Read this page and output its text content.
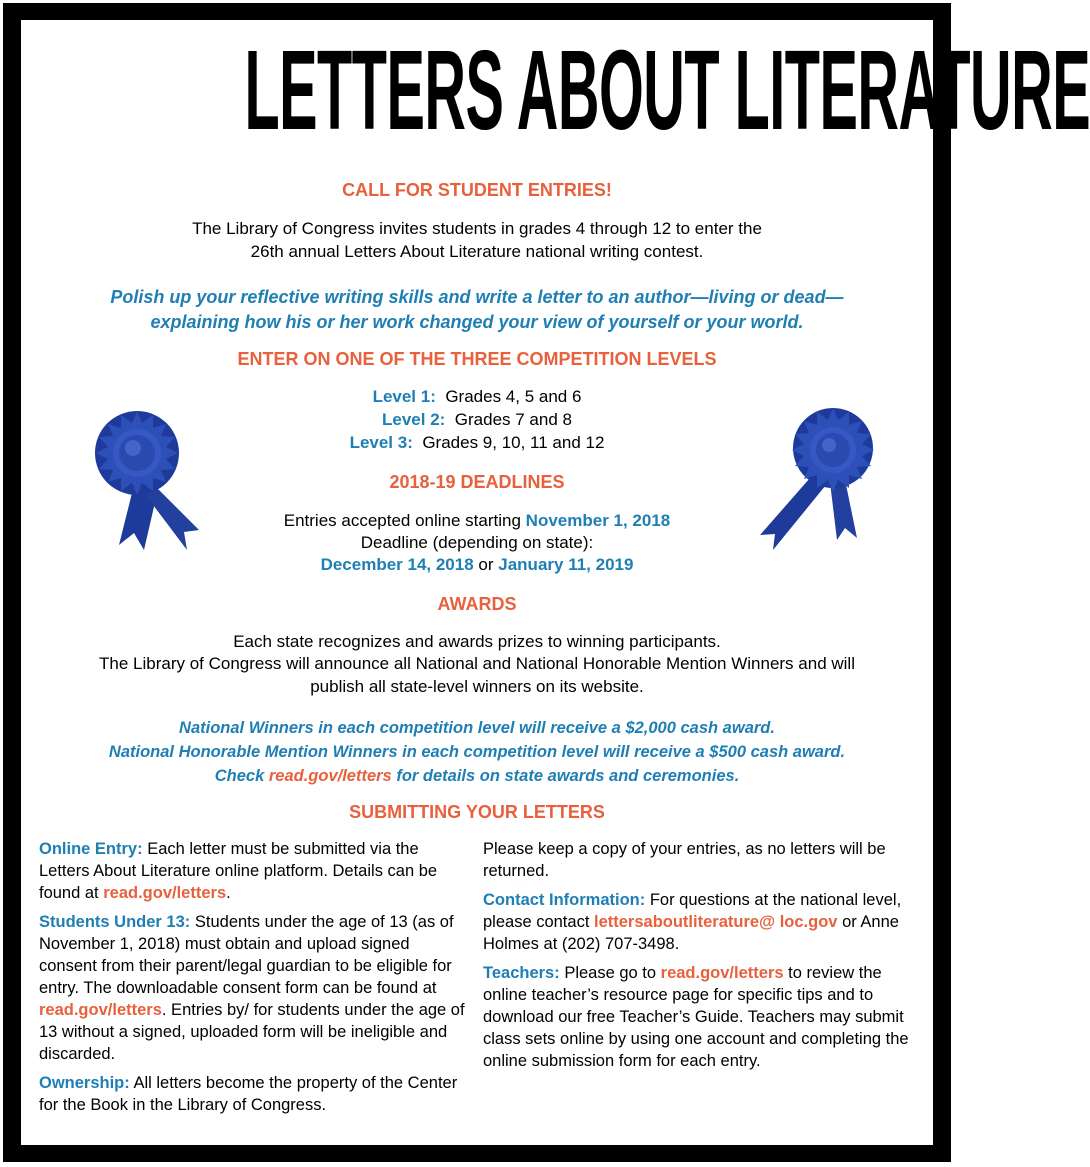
LETTERS ABOUT LITERATURE
CALL FOR STUDENT ENTRIES!
The Library of Congress invites students in grades 4 through 12 to enter the
26th annual Letters About Literature national writing contest.
Polish up your reflective writing skills and write a letter to an author—living or dead—
explaining how his or her work changed your view of yourself or your world.
ENTER ON ONE OF THE THREE COMPETITION LEVELS
Level 1: Grades 4, 5 and 6
Level 2: Grades 7 and 8
Level 3: Grades 9, 10, 11 and 12
2018-19 DEADLINES
Entries accepted online starting November 1, 2018
Deadline (depending on state):
December 14, 2018 or January 11, 2019
AWARDS
Each state recognizes and awards prizes to winning participants.
The Library of Congress will announce all National and National Honorable Mention Winners and will
publish all state-level winners on its website.
National Winners in each competition level will receive a $2,000 cash award.
National Honorable Mention Winners in each competition level will receive a $500 cash award.
Check read.gov/letters for details on state awards and ceremonies.
SUBMITTING YOUR LETTERS

Online Entry: Each letter must be submitted via the Letters About Literature online platform. Details can be found at read.gov/letters.

Students Under 13: Students under the age of 13 (as of November 1, 2018) must obtain and upload signed consent from their parent/legal guardian to be eligible for entry. The downloadable consent form can be found at read.gov/letters. Entries by/ for students under the age of 13 without a signed, uploaded form will be ineligible and discarded.

Ownership: All letters become the property of the Center for the Book in the Library of Congress.

Please keep a copy of your entries, as no letters will be returned.

Contact Information: For questions at the national level, please contact lettersaboutliterature@ loc.gov or Anne Holmes at (202) 707-3498.

Teachers: Please go to read.gov/letters to review the online teacher’s resource page for specific tips and to download our free Teacher’s Guide. Teachers may submit class sets online by using one account and completing the online submission form for each entry.
